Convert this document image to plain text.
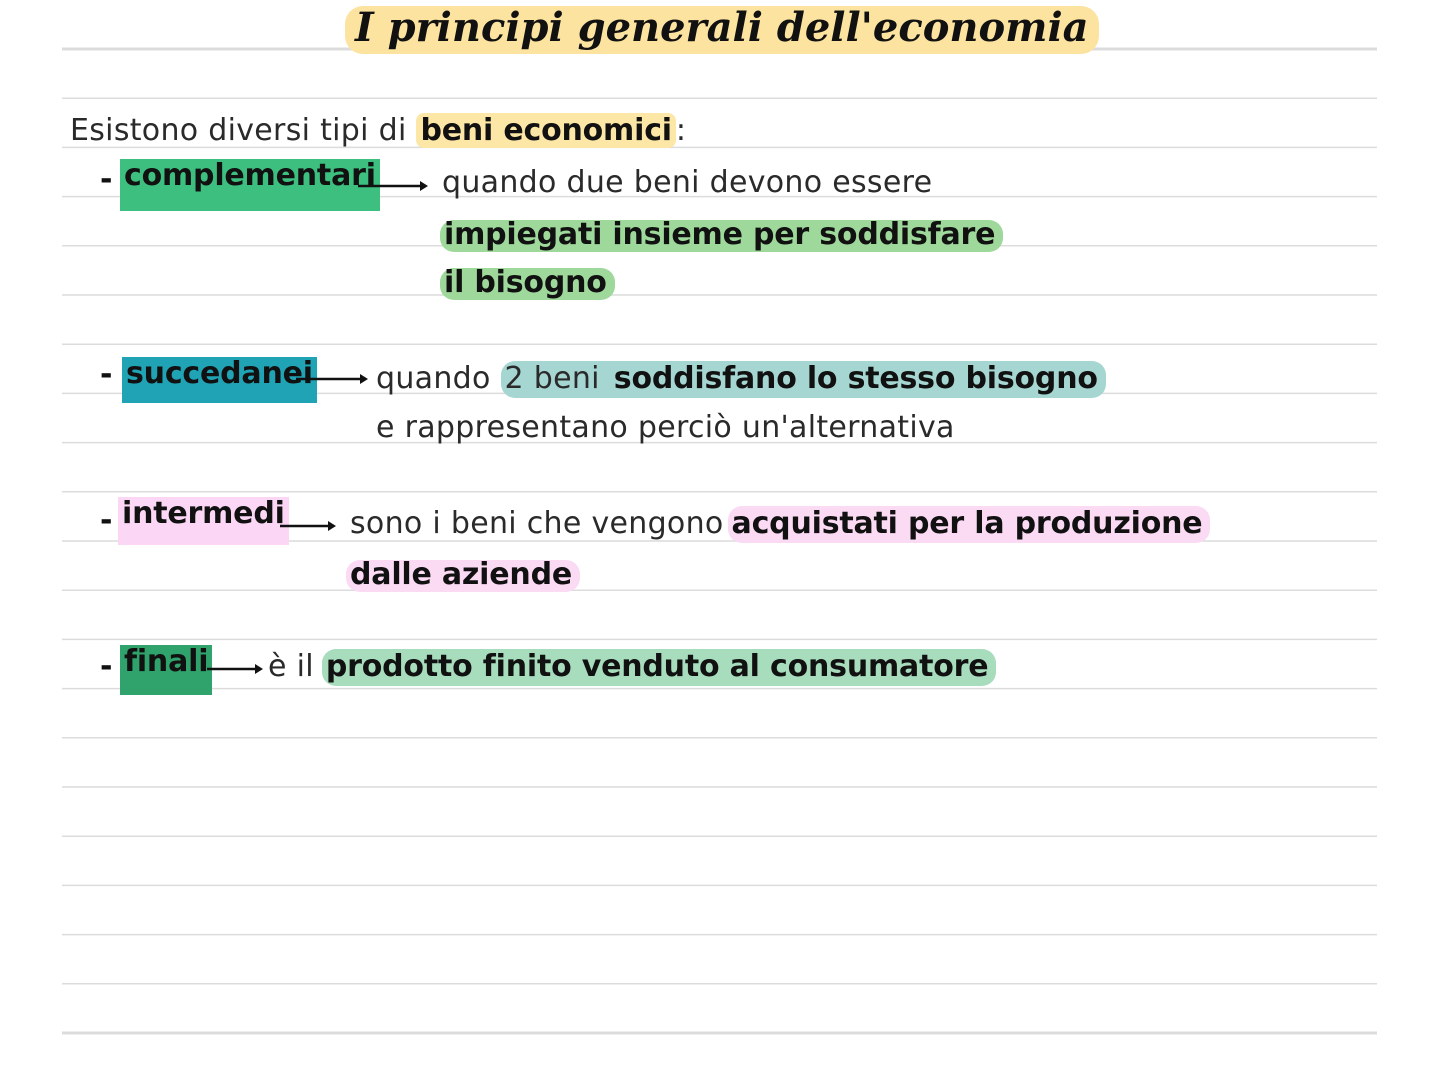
I principi generali dell'economia
Esistono diversi tipi di beni economici :
- complementari quando due beni devono essere
impiegati insieme per soddisfare
il bisogno
- succedanei quando 2 beni soddisfano lo stesso bisogno
e rappresentano perciò un'alternativa
- intermedi sono i beni che vengono acquistati per la produzione
dalle aziende
- finali è il prodotto finito venduto al consumatore
